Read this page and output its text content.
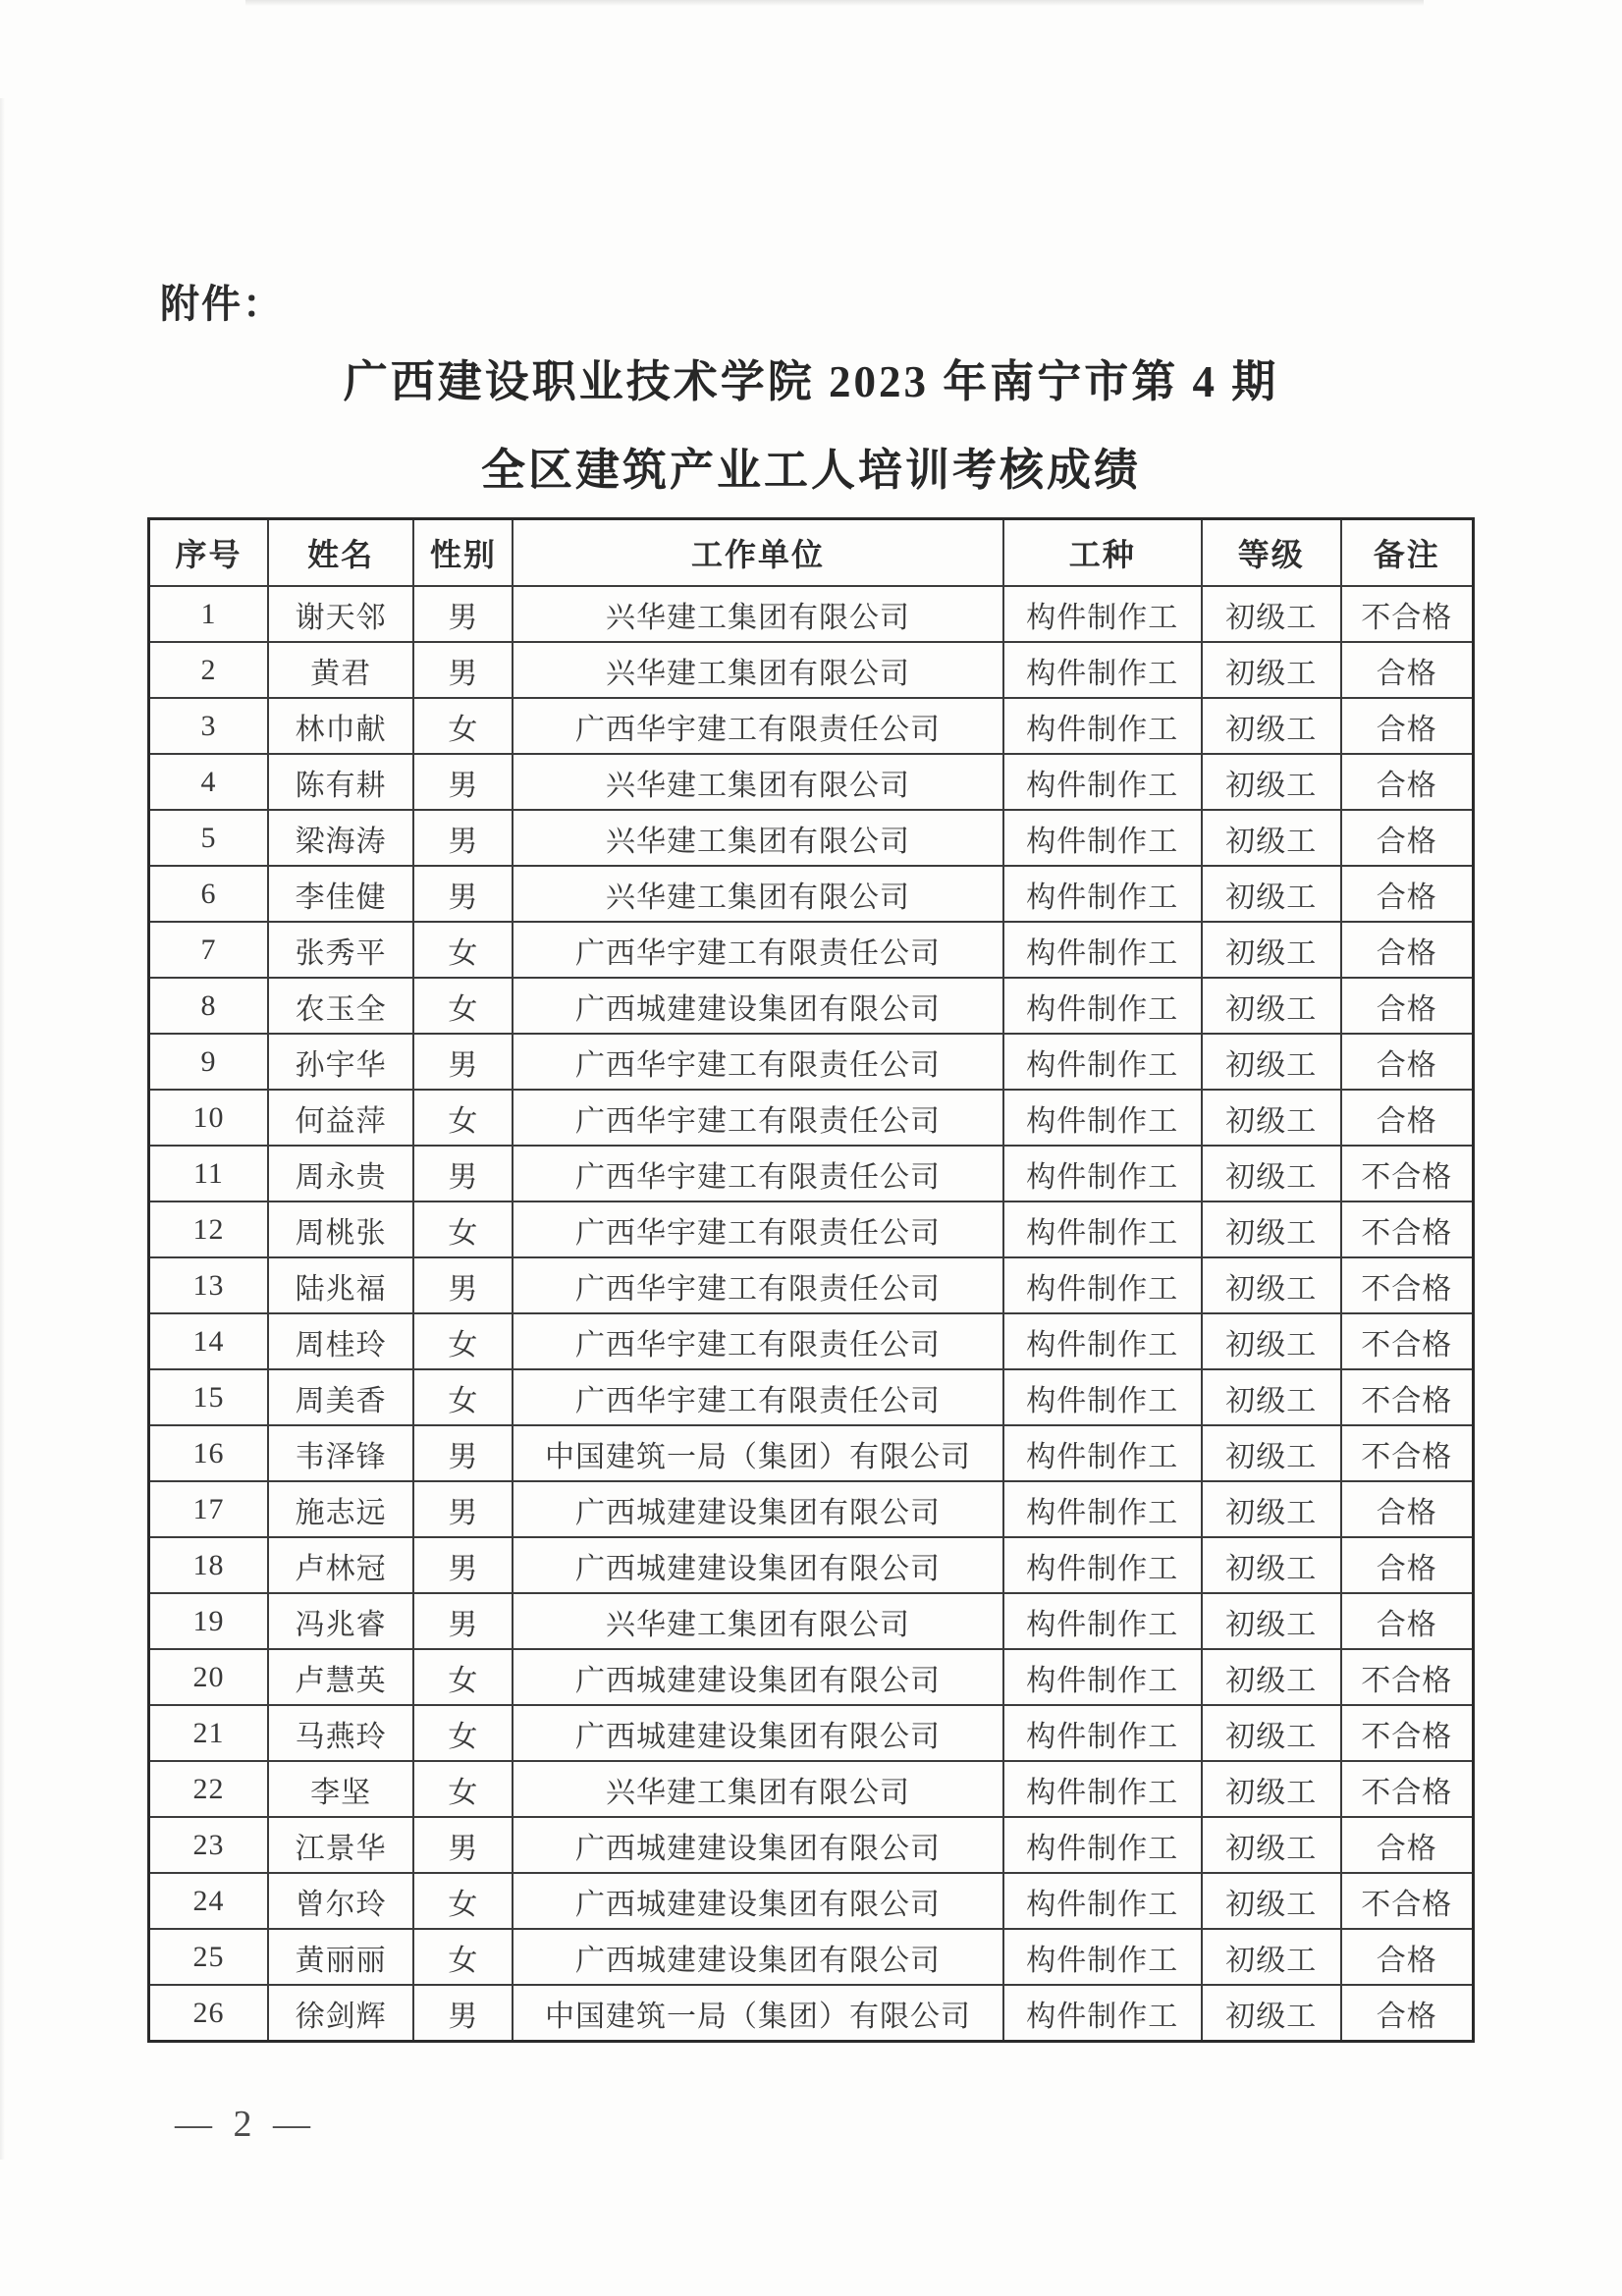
附件：
广西建设职业技术学院 2023 年南宁市第 4 期
全区建筑产业工人培训考核成绩
序号	姓名	性别	工作单位	工种	等级	备注
1	谢天邻	男	兴华建工集团有限公司	构件制作工	初级工	不合格
2	黄君	男	兴华建工集团有限公司	构件制作工	初级工	合格
3	林巾献	女	广西华宇建工有限责任公司	构件制作工	初级工	合格
4	陈有耕	男	兴华建工集团有限公司	构件制作工	初级工	合格
5	梁海涛	男	兴华建工集团有限公司	构件制作工	初级工	合格
6	李佳健	男	兴华建工集团有限公司	构件制作工	初级工	合格
7	张秀平	女	广西华宇建工有限责任公司	构件制作工	初级工	合格
8	农玉全	女	广西城建建设集团有限公司	构件制作工	初级工	合格
9	孙宇华	男	广西华宇建工有限责任公司	构件制作工	初级工	合格
10	何益萍	女	广西华宇建工有限责任公司	构件制作工	初级工	合格
11	周永贵	男	广西华宇建工有限责任公司	构件制作工	初级工	不合格
12	周桃张	女	广西华宇建工有限责任公司	构件制作工	初级工	不合格
13	陆兆福	男	广西华宇建工有限责任公司	构件制作工	初级工	不合格
14	周桂玲	女	广西华宇建工有限责任公司	构件制作工	初级工	不合格
15	周美香	女	广西华宇建工有限责任公司	构件制作工	初级工	不合格
16	韦泽锋	男	中国建筑一局（集团）有限公司	构件制作工	初级工	不合格
17	施志远	男	广西城建建设集团有限公司	构件制作工	初级工	合格
18	卢林冠	男	广西城建建设集团有限公司	构件制作工	初级工	合格
19	冯兆睿	男	兴华建工集团有限公司	构件制作工	初级工	合格
20	卢慧英	女	广西城建建设集团有限公司	构件制作工	初级工	不合格
21	马燕玲	女	广西城建建设集团有限公司	构件制作工	初级工	不合格
22	李坚	女	兴华建工集团有限公司	构件制作工	初级工	不合格
23	江景华	男	广西城建建设集团有限公司	构件制作工	初级工	合格
24	曾尔玲	女	广西城建建设集团有限公司	构件制作工	初级工	不合格
25	黄丽丽	女	广西城建建设集团有限公司	构件制作工	初级工	合格
26	徐剑辉	男	中国建筑一局（集团）有限公司	构件制作工	初级工	合格
— 2 —
